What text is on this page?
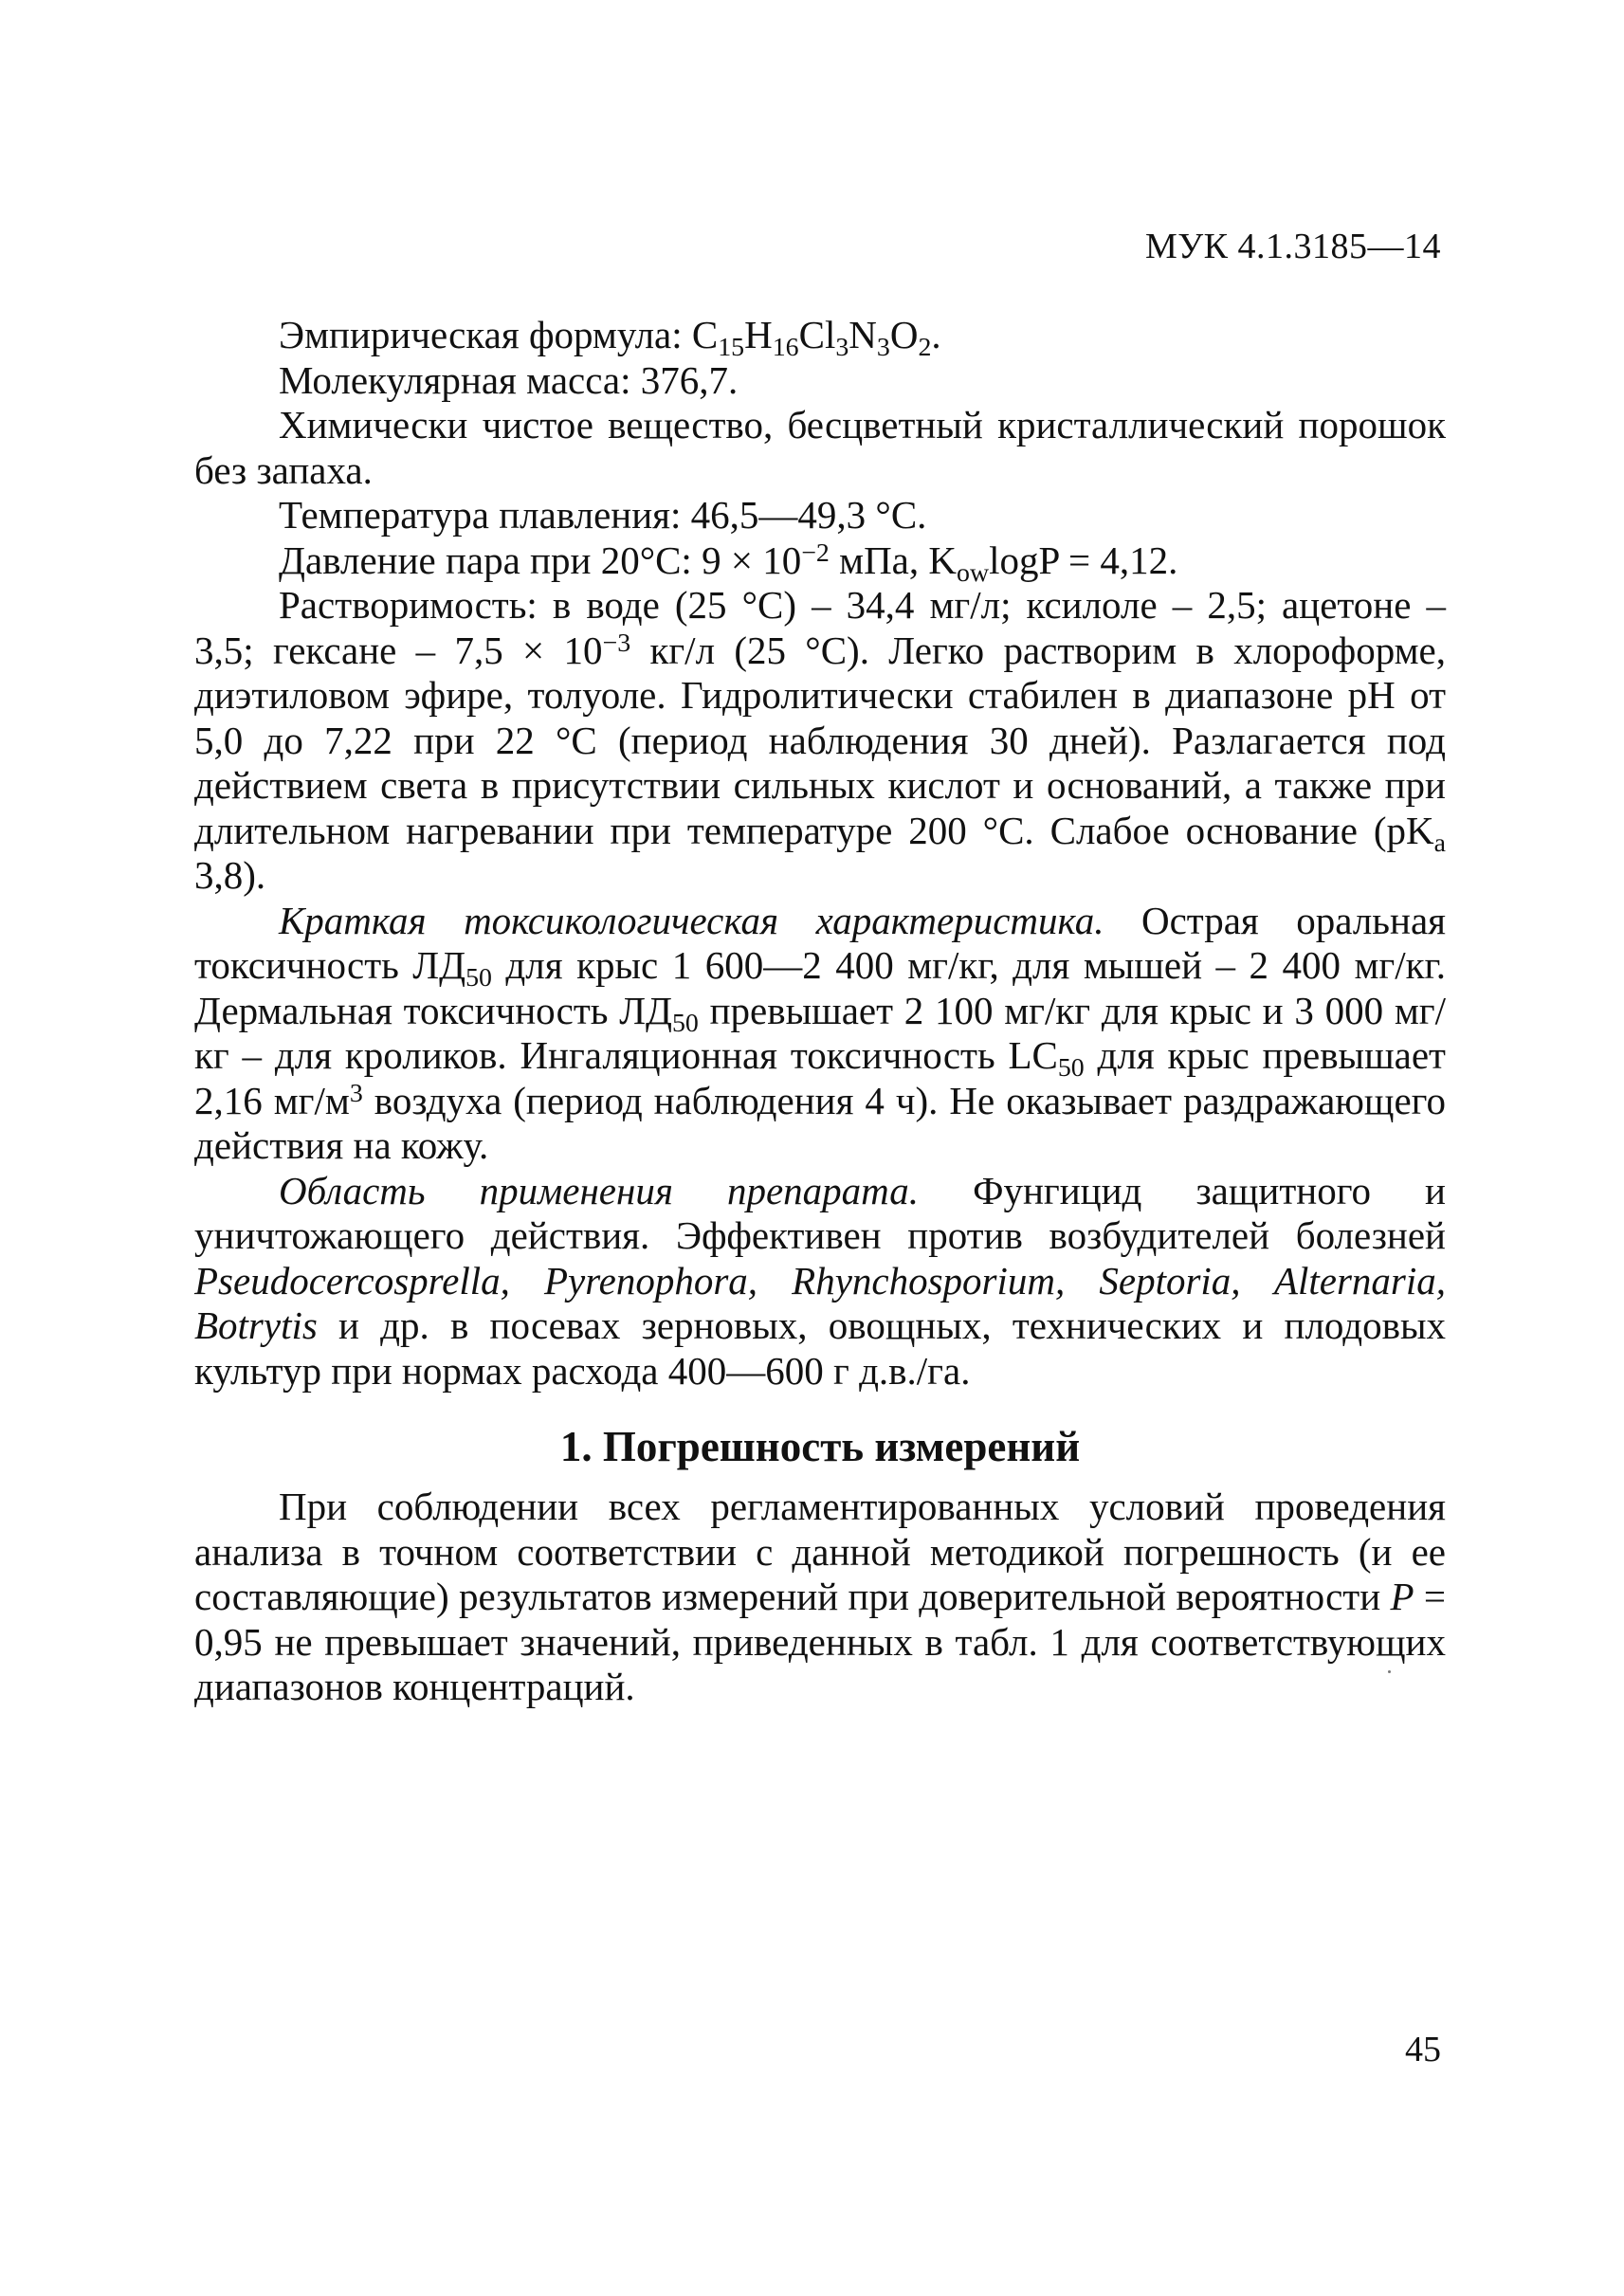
МУК 4.1.3185—14

Эмпирическая формула: $C_{15}H_{16}Cl_3N_3O_2$.

Молекулярная масса: 376,7.

Химически чистое вещество, бесцветный кристаллический порошок без запаха.

Температура плавления: 46,5—49,3 °С.

Давление пара при 20°С: $9 \times 10^{-2}$ мПа, $K_{ow}\log P = 4,12$.

Растворимость: в воде (25 °С) – 34,4 мг/л; ксилоле – 2,5; ацетоне – 3,5; гексане – $7,5 \times 10^{-3}$ кг/л (25 °С). Легко растворим в хлороформе, диэтиловом эфире, толуоле. Гидролитически стабилен в диапазоне рН от 5,0 до 7,22 при 22 °С (период наблюдения 30 дней). Разлагается под действием света в присутствии сильных кислот и оснований, а также при длительном нагревании при температуре 200 °С. Слабое основание ($pK_a$ 3,8).

Краткая токсикологическая характеристика. Острая оральная токсичность $ЛД_{50}$ для крыс 1 600—2 400 мг/кг, для мышей – 2 400 мг/кг. Дермальная токсичность $ЛД_{50}$ превышает 2 100 мг/кг для крыс и 3 000 мг/кг – для кроликов. Ингаляционная токсичность $LC_{50}$ для крыс превышает 2,16 $мг/м^3$ воздуха (период наблюдения 4 ч). Не оказывает раздражающего действия на кожу.

Область применения препарата. Фунгицид защитного и уничтожающего действия. Эффективен против возбудителей болезней Pseudocercosprella, Pyrenophora, Rhynchosporium, Septoria, Alternaria, Botrytis и др. в посевах зерновых, овощных, технических и плодовых культур при нормах расхода 400—600 г д.в./га.

1. Погрешность измерений

При соблюдении всех регламентированных условий проведения анализа в точном соответствии с данной методикой погрешность (и ее составляющие) результатов измерений при доверительной вероятности P = 0,95 не превышает значений, приведенных в табл. 1 для соответствующих диапазонов концентраций.

45
